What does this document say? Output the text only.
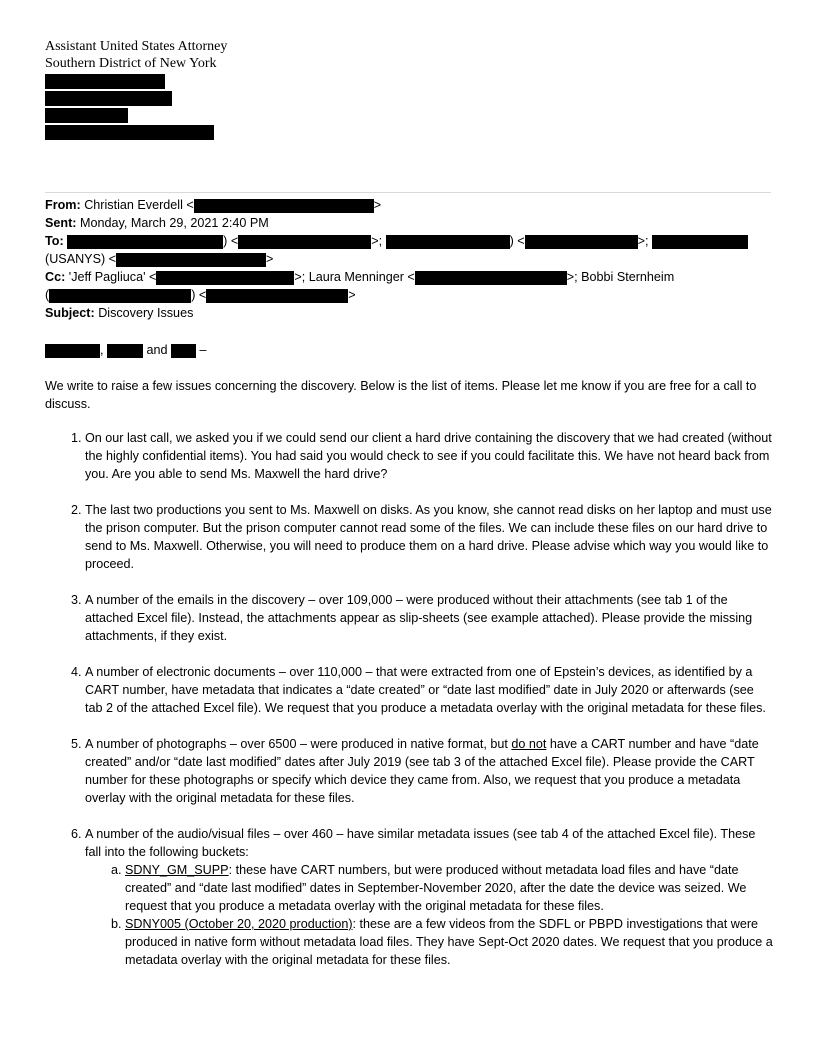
Assistant United States Attorney
Southern District of New York
From: Christian Everdell <	>
Sent: Monday, March 29, 2021 2:40 PM
To:	) <	>;	) <	>;
(USANYS) <	>
Cc: 'Jeff Pagliuca' <	>; Laura Menninger <	>; Bobbi Sternheim
(	) <	>
Subject: Discovery Issues
,	and	–
We write to raise a few issues concerning the discovery. Below is the list of items. Please let me know if you are free for a call to discuss.
1. On our last call, we asked you if we could send our client a hard drive containing the discovery that we had created (without the highly confidential items). You had said you would check to see if you could facilitate this. We have not heard back from you. Are you able to send Ms. Maxwell the hard drive?
2. The last two productions you sent to Ms. Maxwell on disks. As you know, she cannot read disks on her laptop and must use the prison computer. But the prison computer cannot read some of the files. We can include these files on our hard drive to send to Ms. Maxwell. Otherwise, you will need to produce them on a hard drive. Please advise which way you would like to proceed.
3. A number of the emails in the discovery – over 109,000 – were produced without their attachments (see tab 1 of the attached Excel file). Instead, the attachments appear as slip-sheets (see example attached). Please provide the missing attachments, if they exist.
4. A number of electronic documents – over 110,000 – that were extracted from one of Epstein’s devices, as identified by a CART number, have metadata that indicates a “date created” or “date last modified” date in July 2020 or afterwards (see tab 2 of the attached Excel file). We request that you produce a metadata overlay with the original metadata for these files.
5. A number of photographs – over 6500 – were produced in native format, but do not have a CART number and have “date created” and/or “date last modified” dates after July 2019 (see tab 3 of the attached Excel file). Please provide the CART number for these photographs or specify which device they came from. Also, we request that you produce a metadata overlay with the original metadata for these files.
6. A number of the audio/visual files – over 460 – have similar metadata issues (see tab 4 of the attached Excel file). These fall into the following buckets:
a. SDNY_GM_SUPP: these have CART numbers, but were produced without metadata load files and have “date created” and “date last modified” dates in September-November 2020, after the date the device was seized. We request that you produce a metadata overlay with the original metadata for these files.
b. SDNY005 (October 20, 2020 production): these are a few videos from the SDFL or PBPD investigations that were produced in native form without metadata load files. They have Sept-Oct 2020 dates. We request that you produce a metadata overlay with the original metadata for these files.
